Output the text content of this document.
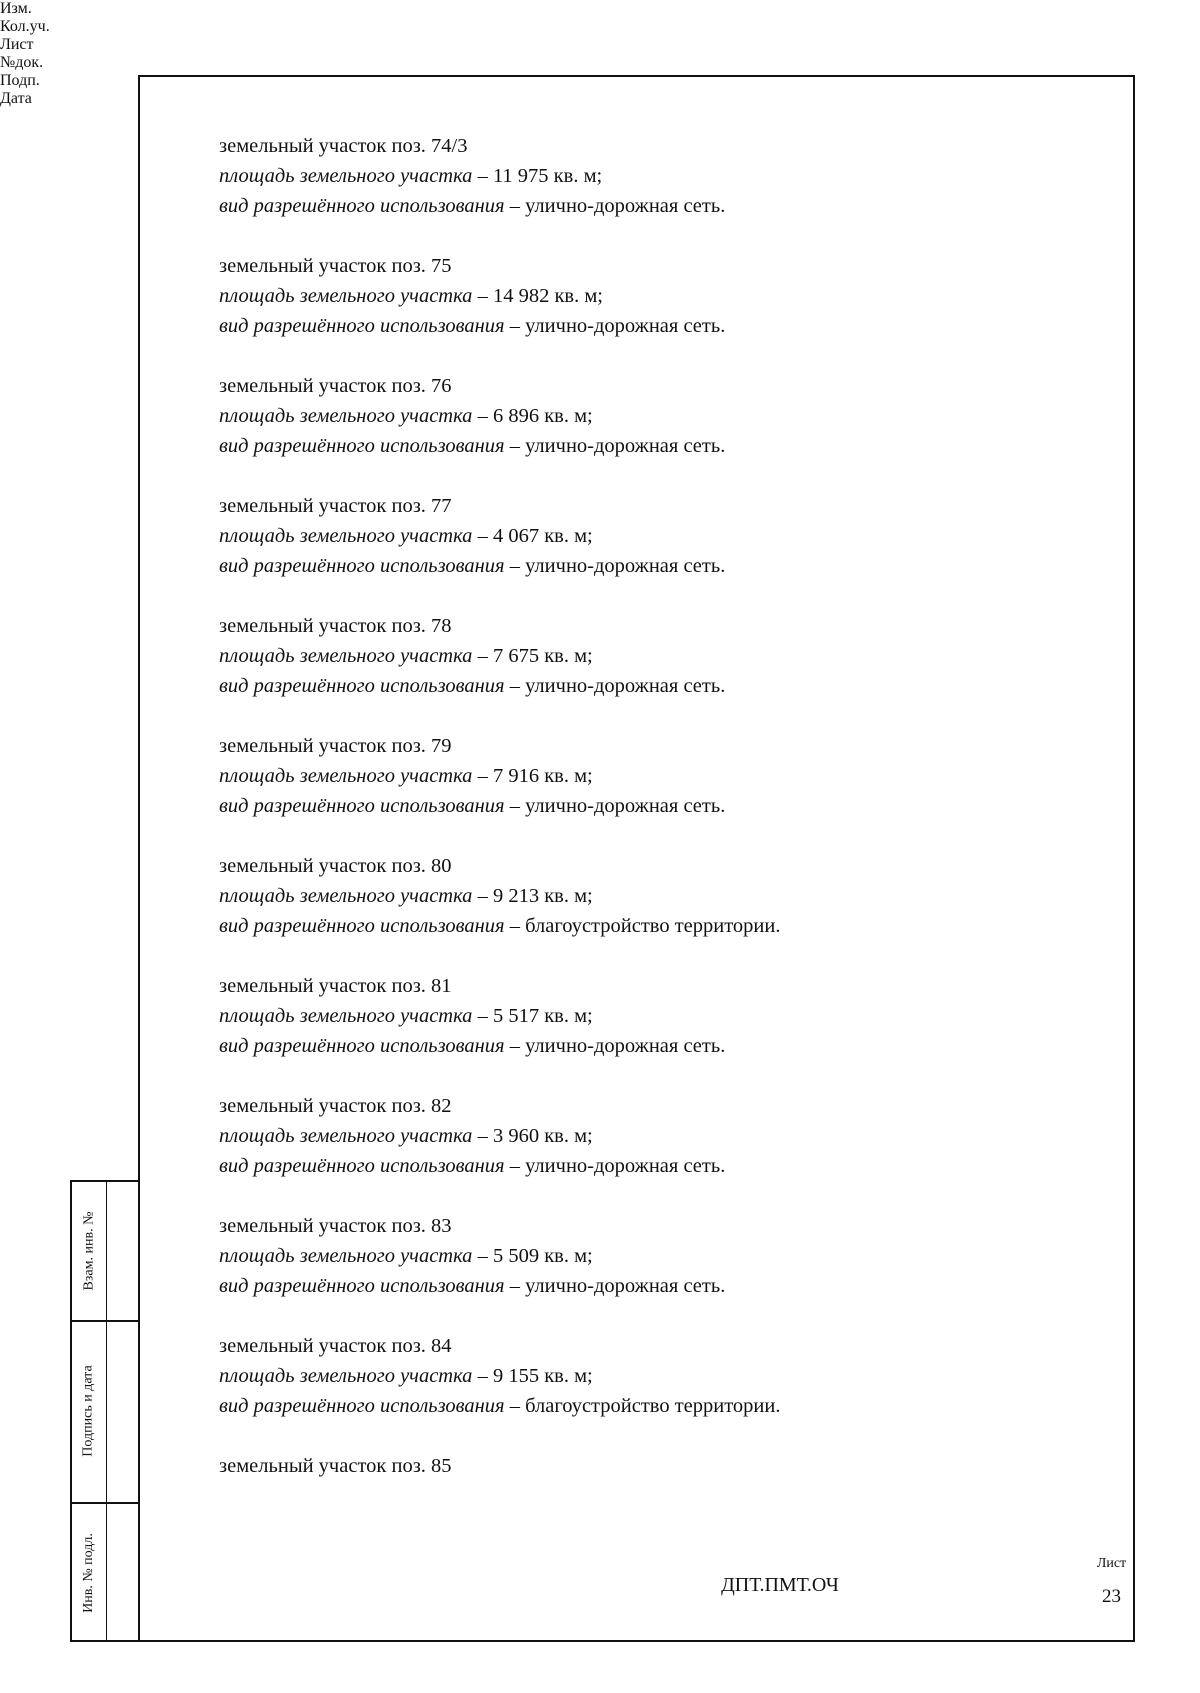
земельный участок поз. 74/3
площадь земельного участка – 11 975 кв. м;
вид разрешённого использования – улично-дорожная сеть.
земельный участок поз. 75
площадь земельного участка – 14 982 кв. м;
вид разрешённого использования – улично-дорожная сеть.
земельный участок поз. 76
площадь земельного участка – 6 896 кв. м;
вид разрешённого использования – улично-дорожная сеть.
земельный участок поз. 77
площадь земельного участка – 4 067 кв. м;
вид разрешённого использования – улично-дорожная сеть.
земельный участок поз. 78
площадь земельного участка – 7 675 кв. м;
вид разрешённого использования – улично-дорожная сеть.
земельный участок поз. 79
площадь земельного участка – 7 916 кв. м;
вид разрешённого использования – улично-дорожная сеть.
земельный участок поз. 80
площадь земельного участка – 9 213 кв. м;
вид разрешённого использования – благоустройство территории.
земельный участок поз. 81
площадь земельного участка – 5 517 кв. м;
вид разрешённого использования – улично-дорожная сеть.
земельный участок поз. 82
площадь земельного участка – 3 960 кв. м;
вид разрешённого использования – улично-дорожная сеть.
земельный участок поз. 83
площадь земельного участка – 5 509 кв. м;
вид разрешённого использования – улично-дорожная сеть.
земельный участок поз. 84
площадь земельного участка – 9 155 кв. м;
вид разрешённого использования – благоустройство территории.
земельный участок поз. 85
Взам. инв. №
Подпись и дата
Инв. № подл.	ДПТ.ПМТ.ОЧ
Лист
23
Изм.
Кол.уч.
Лист
№док.
Подп.
Дата
